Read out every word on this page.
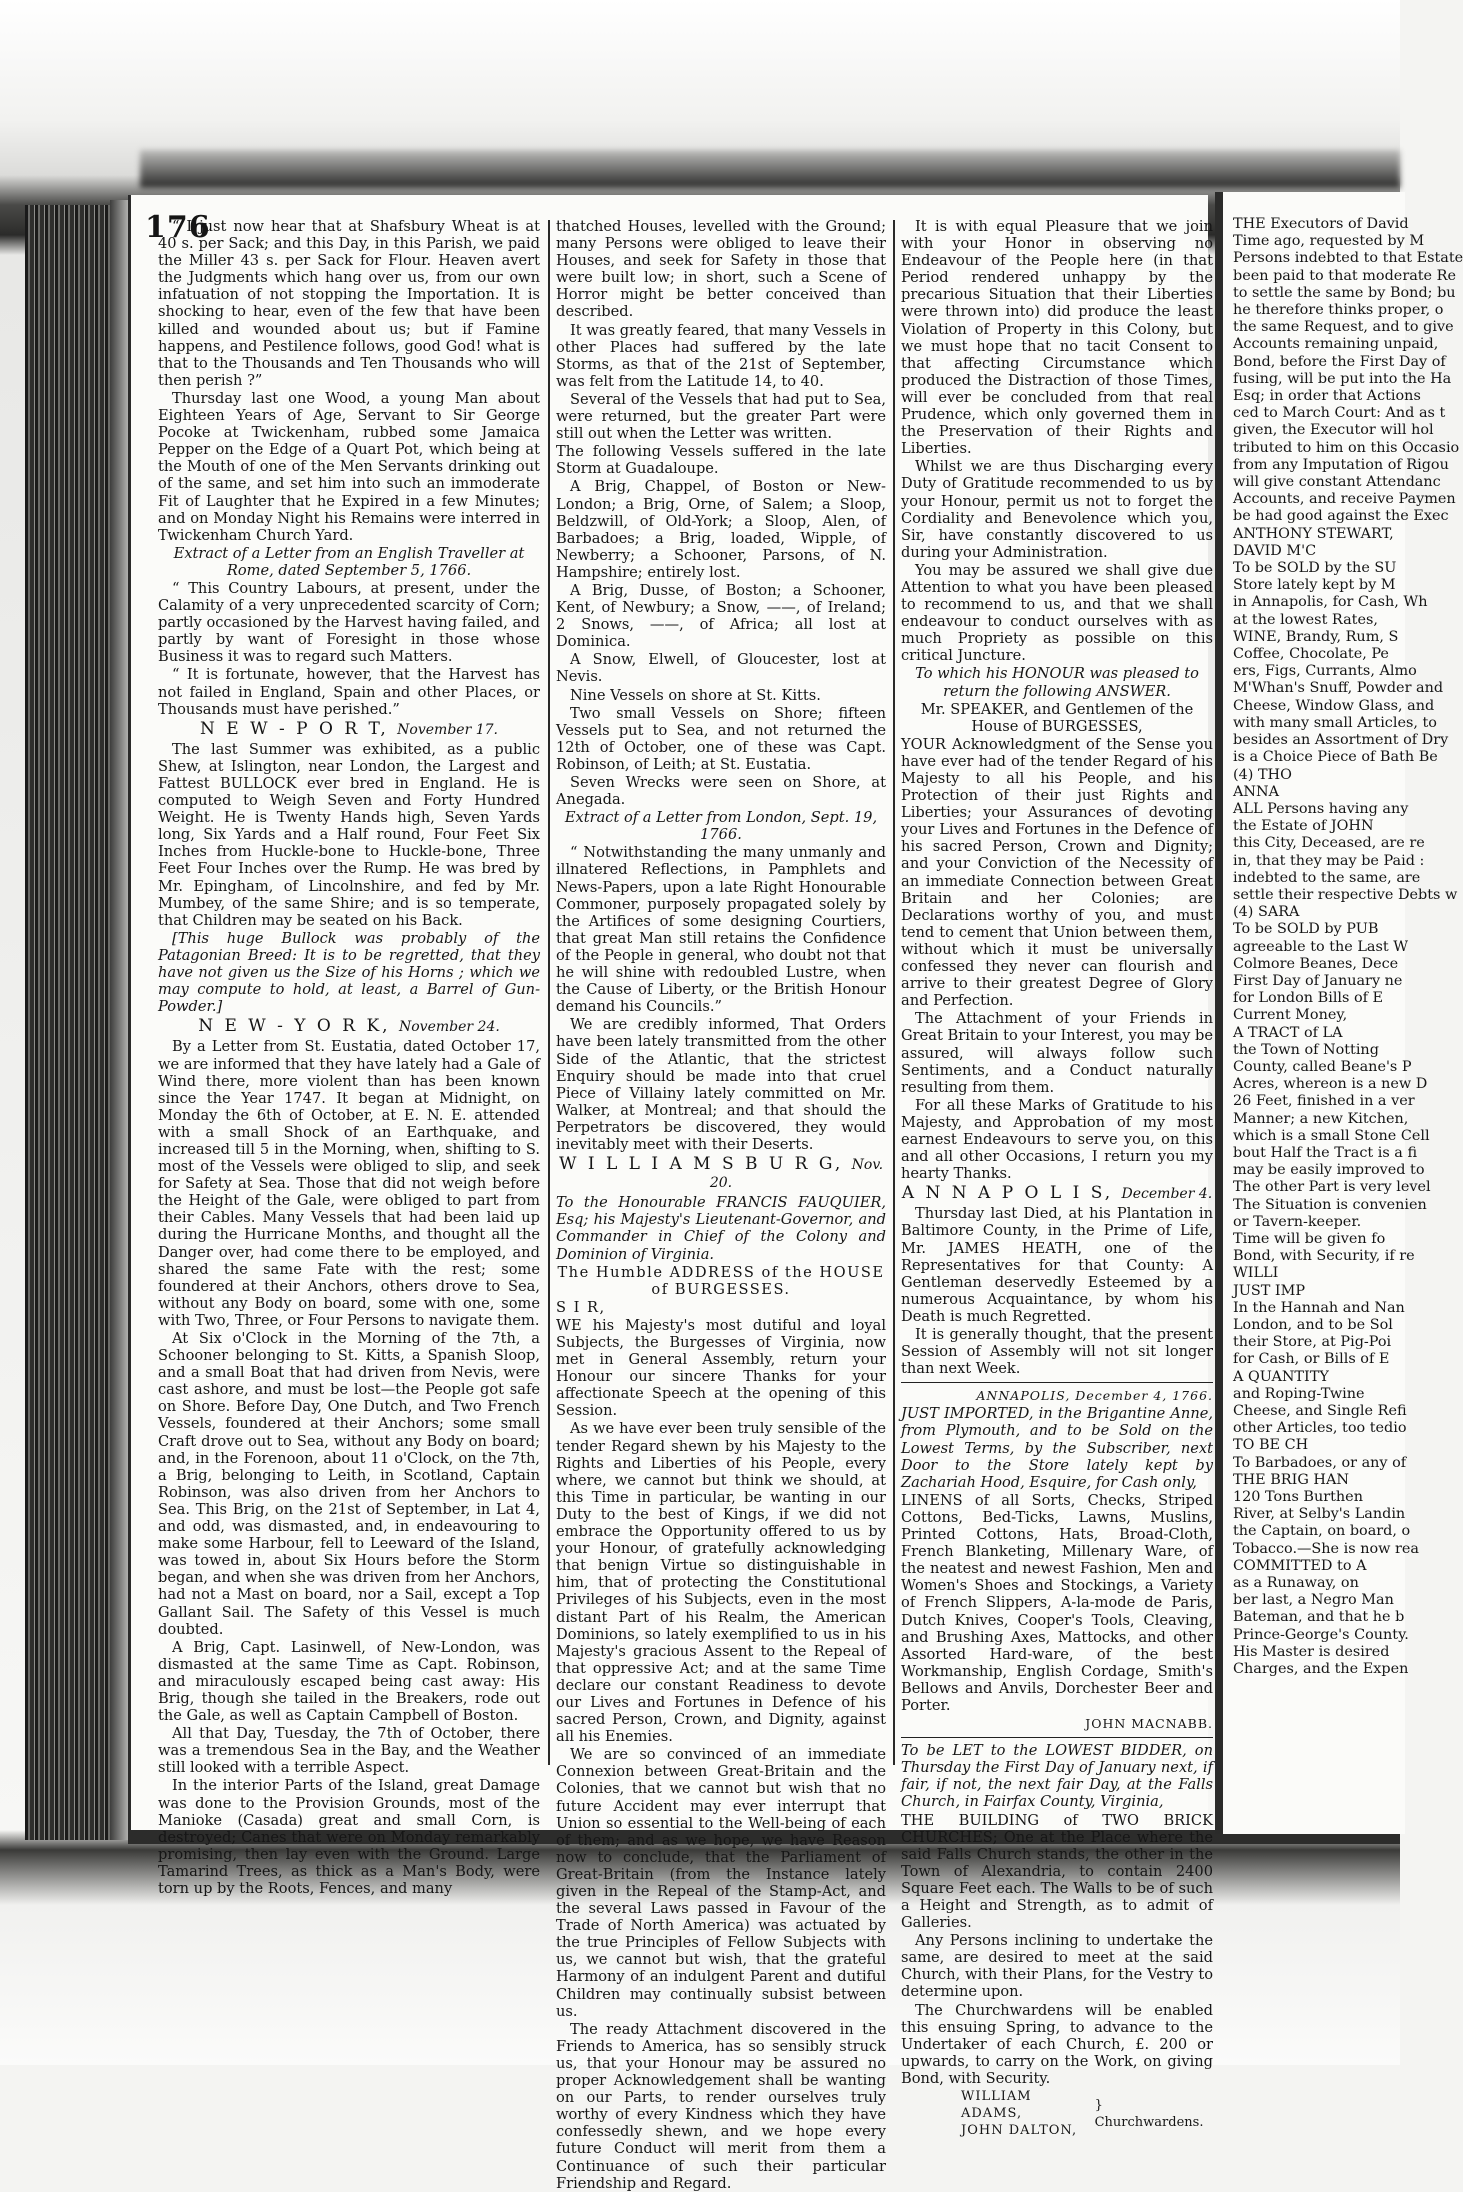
176

“ I just now hear that at Shafsbury Wheat is at 40 s. per Sack; and this Day, in this Parish, we paid the Miller 43 s. per Sack for Flour. Heaven avert the Judgments which hang over us, from our own infatuation of not stopping the Importation. It is shocking to hear, even of the few that have been killed and wounded about us; but if Famine happens, and Pestilence follows, good God! what is that to the Thousands and Ten Thousands who will then perish ?”

Thursday last one Wood, a young Man about Eighteen Years of Age, Servant to Sir George Pocoke at Twickenham, rubbed some Jamaica Pepper on the Edge of a Quart Pot, which being at the Mouth of one of the Men Servants drinking out of the same, and set him into such an immoderate Fit of Laughter that he Expired in a few Minutes; and on Monday Night his Remains were interred in Twickenham Church Yard.

Extract of a Letter from an English Traveller at Rome, dated September 5, 1766.

“ This Country Labours, at present, under the Calamity of a very unprecedented scarcity of Corn; partly occasioned by the Harvest having failed, and partly by want of Foresight in those whose Business it was to regard such Matters.

“ It is fortunate, however, that the Harvest has not failed in England, Spain and other Places, or Thousands must have perished.”

N E W - P O R T, November 17.

The last Summer was exhibited, as a public Shew, at Islington, near London, the Largest and Fattest BULLOCK ever bred in England. He is computed to Weigh Seven and Forty Hundred Weight. He is Twenty Hands high, Seven Yards long, Six Yards and a Half round, Four Feet Six Inches from Huckle-bone to Huckle-bone, Three Feet Four Inches over the Rump. He was bred by Mr. Epingham, of Lincolnshire, and fed by Mr. Mumbey, of the same Shire; and is so temperate, that Children may be seated on his Back.

[This huge Bullock was probably of the Patagonian Breed: It is to be regretted, that they have not given us the Size of his Horns ; which we may compute to hold, at least, a Barrel of Gun-Powder.]

N E W - Y O R K, November 24.

By a Letter from St. Eustatia, dated October 17, we are informed that they have lately had a Gale of Wind there, more violent than has been known since the Year 1747. It began at Midnight, on Monday the 6th of October, at E. N. E. attended with a small Shock of an Earthquake, and increased till 5 in the Morning, when, shifting to S. most of the Vessels were obliged to slip, and seek for Safety at Sea. Those that did not weigh before the Height of the Gale, were obliged to part from their Cables. Many Vessels that had been laid up during the Hurricane Months, and thought all the Danger over, had come there to be employed, and shared the same Fate with the rest; some foundered at their Anchors, others drove to Sea, without any Body on board, some with one, some with Two, Three, or Four Persons to navigate them.

At Six o'Clock in the Morning of the 7th, a Schooner belonging to St. Kitts, a Spanish Sloop, and a small Boat that had driven from Nevis, were cast ashore, and must be lost—the People got safe on Shore. Before Day, One Dutch, and Two French Vessels, foundered at their Anchors; some small Craft drove out to Sea, without any Body on board; and, in the Forenoon, about 11 o'Clock, on the 7th, a Brig, belonging to Leith, in Scotland, Captain Robinson, was also driven from her Anchors to Sea. This Brig, on the 21st of September, in Lat 4, and odd, was dismasted, and, in endeavouring to make some Harbour, fell to Leeward of the Island, was towed in, about Six Hours before the Storm began, and when she was driven from her Anchors, had not a Mast on board, nor a Sail, except a Top Gallant Sail. The Safety of this Vessel is much doubted.

A Brig, Capt. Lasinwell, of New-London, was dismasted at the same Time as Capt. Robinson, and miraculously escaped being cast away: His Brig, though she tailed in the Breakers, rode out the Gale, as well as Captain Campbell of Boston.

All that Day, Tuesday, the 7th of October, there was a tremendous Sea in the Bay, and the Weather still looked with a terrible Aspect.

In the interior Parts of the Island, great Damage was done to the Provision Grounds, most of the Manioke (Casada) great and small Corn, is destroyed; Canes that were on Monday remarkably promising, then lay even with the Ground. Large Tamarind Trees, as thick as a Man's Body, were torn up by the Roots, Fences, and many

thatched Houses, levelled with the Ground; many Persons were obliged to leave their Houses, and seek for Safety in those that were built low; in short, such a Scene of Horror might be better conceived than described.

It was greatly feared, that many Vessels in other Places had suffered by the late Storms, as that of the 21st of September, was felt from the Latitude 14, to 40.

Several of the Vessels that had put to Sea, were returned, but the greater Part were still out when the Letter was written.

The following Vessels suffered in the late Storm at Guadaloupe.

A Brig, Chappel, of Boston or New-London; a Brig, Orne, of Salem; a Sloop, Beldzwill, of Old-York; a Sloop, Alen, of Barbadoes; a Brig, loaded, Wipple, of Newberry; a Schooner, Parsons, of N. Hampshire; entirely lost.

A Brig, Dusse, of Boston; a Schooner, Kent, of Newbury; a Snow, ——, of Ireland; 2 Snows, ——, of Africa; all lost at Dominica.

A Snow, Elwell, of Gloucester, lost at Nevis.

Nine Vessels on shore at St. Kitts.

Two small Vessels on Shore; fifteen Vessels put to Sea, and not returned the 12th of October, one of these was Capt. Robinson, of Leith; at St. Eustatia.

Seven Wrecks were seen on Shore, at Anegada.

Extract of a Letter from London, Sept. 19, 1766.

“ Notwithstanding the many unmanly and illnatered Reflections, in Pamphlets and News-Papers, upon a late Right Honourable Commoner, purposely propagated solely by the Artifices of some designing Courtiers, that great Man still retains the Confidence of the People in general, who doubt not that he will shine with redoubled Lustre, when the Cause of Liberty, or the British Honour demand his Councils.”

We are credibly informed, That Orders have been lately transmitted from the other Side of the Atlantic, that the strictest Enquiry should be made into that cruel Piece of Villainy lately committed on Mr. Walker, at Montreal; and that should the Perpetrators be discovered, they would inevitably meet with their Deserts.

W I L L I A M S B U R G, Nov. 20.

To the Honourable FRANCIS FAUQUIER, Esq; his Majesty's Lieutenant-Governor, and Commander in Chief of the Colony and Dominion of Virginia.

The Humble ADDRESS of the HOUSE of BURGESSES.

S I R,

WE his Majesty's most dutiful and loyal Subjects, the Burgesses of Virginia, now met in General Assembly, return your Honour our sincere Thanks for your affectionate Speech at the opening of this Session.

As we have ever been truly sensible of the tender Regard shewn by his Majesty to the Rights and Liberties of his People, every where, we cannot but think we should, at this Time in particular, be wanting in our Duty to the best of Kings, if we did not embrace the Opportunity offered to us by your Honour, of gratefully acknowledging that benign Virtue so distinguishable in him, that of protecting the Constitutional Privileges of his Subjects, even in the most distant Part of his Realm, the American Dominions, so lately exemplified to us in his Majesty's gracious Assent to the Repeal of that oppressive Act; and at the same Time declare our constant Readiness to devote our Lives and Fortunes in Defence of his sacred Person, Crown, and Dignity, against all his Enemies.

We are so convinced of an immediate Connexion between Great-Britain and the Colonies, that we cannot but wish that no future Accident may ever interrupt that Union so essential to the Well-being of each of them; and as we hope, we have Reason now to conclude, that the Parliament of Great-Britain (from the Instance lately given in the Repeal of the Stamp-Act, and the several Laws passed in Favour of the Trade of North America) was actuated by the true Principles of Fellow Subjects with us, we cannot but wish, that the grateful Harmony of an indulgent Parent and dutiful Children may continually subsist between us.

The ready Attachment discovered in the Friends to America, has so sensibly struck us, that your Honour may be assured no proper Acknowledgement shall be wanting on our Parts, to render ourselves truly worthy of every Kindness which they have confessedly shewn, and we hope every future Conduct will merit from them a Continuance of such their particular Friendship and Regard.

It is with equal Pleasure that we join with your Honor in observing no Endeavour of the People here (in that Period rendered unhappy by the precarious Situation that their Liberties were thrown into) did produce the least Violation of Property in this Colony, but we must hope that no tacit Consent to that affecting Circumstance which produced the Distraction of those Times, will ever be concluded from that real Prudence, which only governed them in the Preservation of their Rights and Liberties.

Whilst we are thus Discharging every Duty of Gratitude recommended to us by your Honour, permit us not to forget the Cordiality and Benevolence which you, Sir, have constantly discovered to us during your Administration.

You may be assured we shall give due Attention to what you have been pleased to recommend to us, and that we shall endeavour to conduct ourselves with as much Propriety as possible on this critical Juncture.

To which his HONOUR was pleased to return the following ANSWER.

Mr. SPEAKER, and Gentlemen of the House of BURGESSES,

YOUR Acknowledgment of the Sense you have ever had of the tender Regard of his Majesty to all his People, and his Protection of their just Rights and Liberties; your Assurances of devoting your Lives and Fortunes in the Defence of his sacred Person, Crown and Dignity; and your Conviction of the Necessity of an immediate Connection between Great Britain and her Colonies; are Declarations worthy of you, and must tend to cement that Union between them, without which it must be universally confessed they never can flourish and arrive to their greatest Degree of Glory and Perfection.

The Attachment of your Friends in Great Britain to your Interest, you may be assured, will always follow such Sentiments, and a Conduct naturally resulting from them.

For all these Marks of Gratitude to his Majesty, and Approbation of my most earnest Endeavours to serve you, on this and all other Occasions, I return you my hearty Thanks.

A N N A P O L I S, December 4.

Thursday last Died, at his Plantation in Baltimore County, in the Prime of Life, Mr. JAMES HEATH, one of the Representatives for that County: A Gentleman deservedly Esteemed by a numerous Acquaintance, by whom his Death is much Regretted.

It is generally thought, that the present Session of Assembly will not sit longer than next Week.

ANNAPOLIS, December 4, 1766.

JUST IMPORTED, in the Brigantine Anne, from Plymouth, and to be Sold on the Lowest Terms, by the Subscriber, next Door to the Store lately kept by Zachariah Hood, Esquire, for Cash only,

LINENS of all Sorts, Checks, Striped Cottons, Bed-Ticks, Lawns, Muslins, Printed Cottons, Hats, Broad-Cloth, French Blanketing, Millenary Ware, of the neatest and newest Fashion, Men and Women's Shoes and Stockings, a Variety of French Slippers, A-la-mode de Paris, Dutch Knives, Cooper's Tools, Cleaving, and Brushing Axes, Mattocks, and other Assorted Hard-ware, of the best Workmanship, English Cordage, Smith's Bellows and Anvils, Dorchester Beer and Porter.

JOHN MACNABB.

To be LET to the LOWEST BIDDER, on Thursday the First Day of January next, if fair, if not, the next fair Day, at the Falls Church, in Fairfax County, Virginia,

THE BUILDING of TWO BRICK CHURCHES; One at the Place where the said Falls Church stands, the other in the Town of Alexandria, to contain 2400 Square Feet each. The Walls to be of such a Height and Strength, as to admit of Galleries.

Any Persons inclining to undertake the same, are desired to meet at the said Church, with their Plans, for the Vestry to determine upon.

The Churchwardens will be enabled this ensuing Spring, to advance to the Undertaker of each Church, £. 200 or upwards, to carry on the Work, on giving Bond, with Security.

WILLIAM ADAMS,
JOHN DALTON,
} Churchwardens.
THE Executors of David
Time ago, requested by M
Persons indebted to that Estate
been paid to that moderate Re
to settle the same by Bond; bu
he therefore thinks proper, o
the same Request, and to give
Accounts remaining unpaid,
Bond, before the First Day of
fusing, will be put into the Ha
Esq; in order that Actions
ced to March Court: And as t
given, the Executor will hol
tributed to him on this Occasio
from any Imputation of Rigou
will give constant Attendanc
Accounts, and receive Paymen
be had good against the Exec
ANTHONY STEWART,
DAVID M'C
To be SOLD by the SU
Store lately kept by M
in Annapolis, for Cash, Wh
at the lowest Rates,
WINE, Brandy, Rum, S
Coffee, Chocolate, Pe
ers, Figs, Currants, Almo
M'Whan's Snuff, Powder and
Cheese, Window Glass, and
with many small Articles, to
besides an Assortment of Dry
is a Choice Piece of Bath Be
(4) THO
ANNA
ALL Persons having any
the Estate of JOHN
this City, Deceased, are re
in, that they may be Paid :
indebted to the same, are
settle their respective Debts w
(4) SARA
To be SOLD by PUB
agreeable to the Last W
Colmore Beanes, Dece
First Day of January ne
for London Bills of E
Current Money,
A TRACT of LA
the Town of Notting
County, called Beane's P
Acres, whereon is a new D
26 Feet, finished in a ver
Manner; a new Kitchen,
which is a small Stone Cell
bout Half the Tract is a fi
may be easily improved to
The other Part is very level
The Situation is convenien
or Tavern-keeper.
Time will be given fo
Bond, with Security, if re
WILLI
JUST IMP
In the Hannah and Nan
London, and to be Sol
their Store, at Pig-Poi
for Cash, or Bills of E
A QUANTITY
and Roping-Twine
Cheese, and Single Refi
other Articles, too tedio
TO BE CH
To Barbadoes, or any of
THE BRIG HAN
120 Tons Burthen
River, at Selby's Landin
the Captain, on board, o
Tobacco.—She is now rea
COMMITTED to A
as a Runaway, on
ber last, a Negro Man
Bateman, and that he b
Prince-George's County.
His Master is desired
Charges, and the Expen
